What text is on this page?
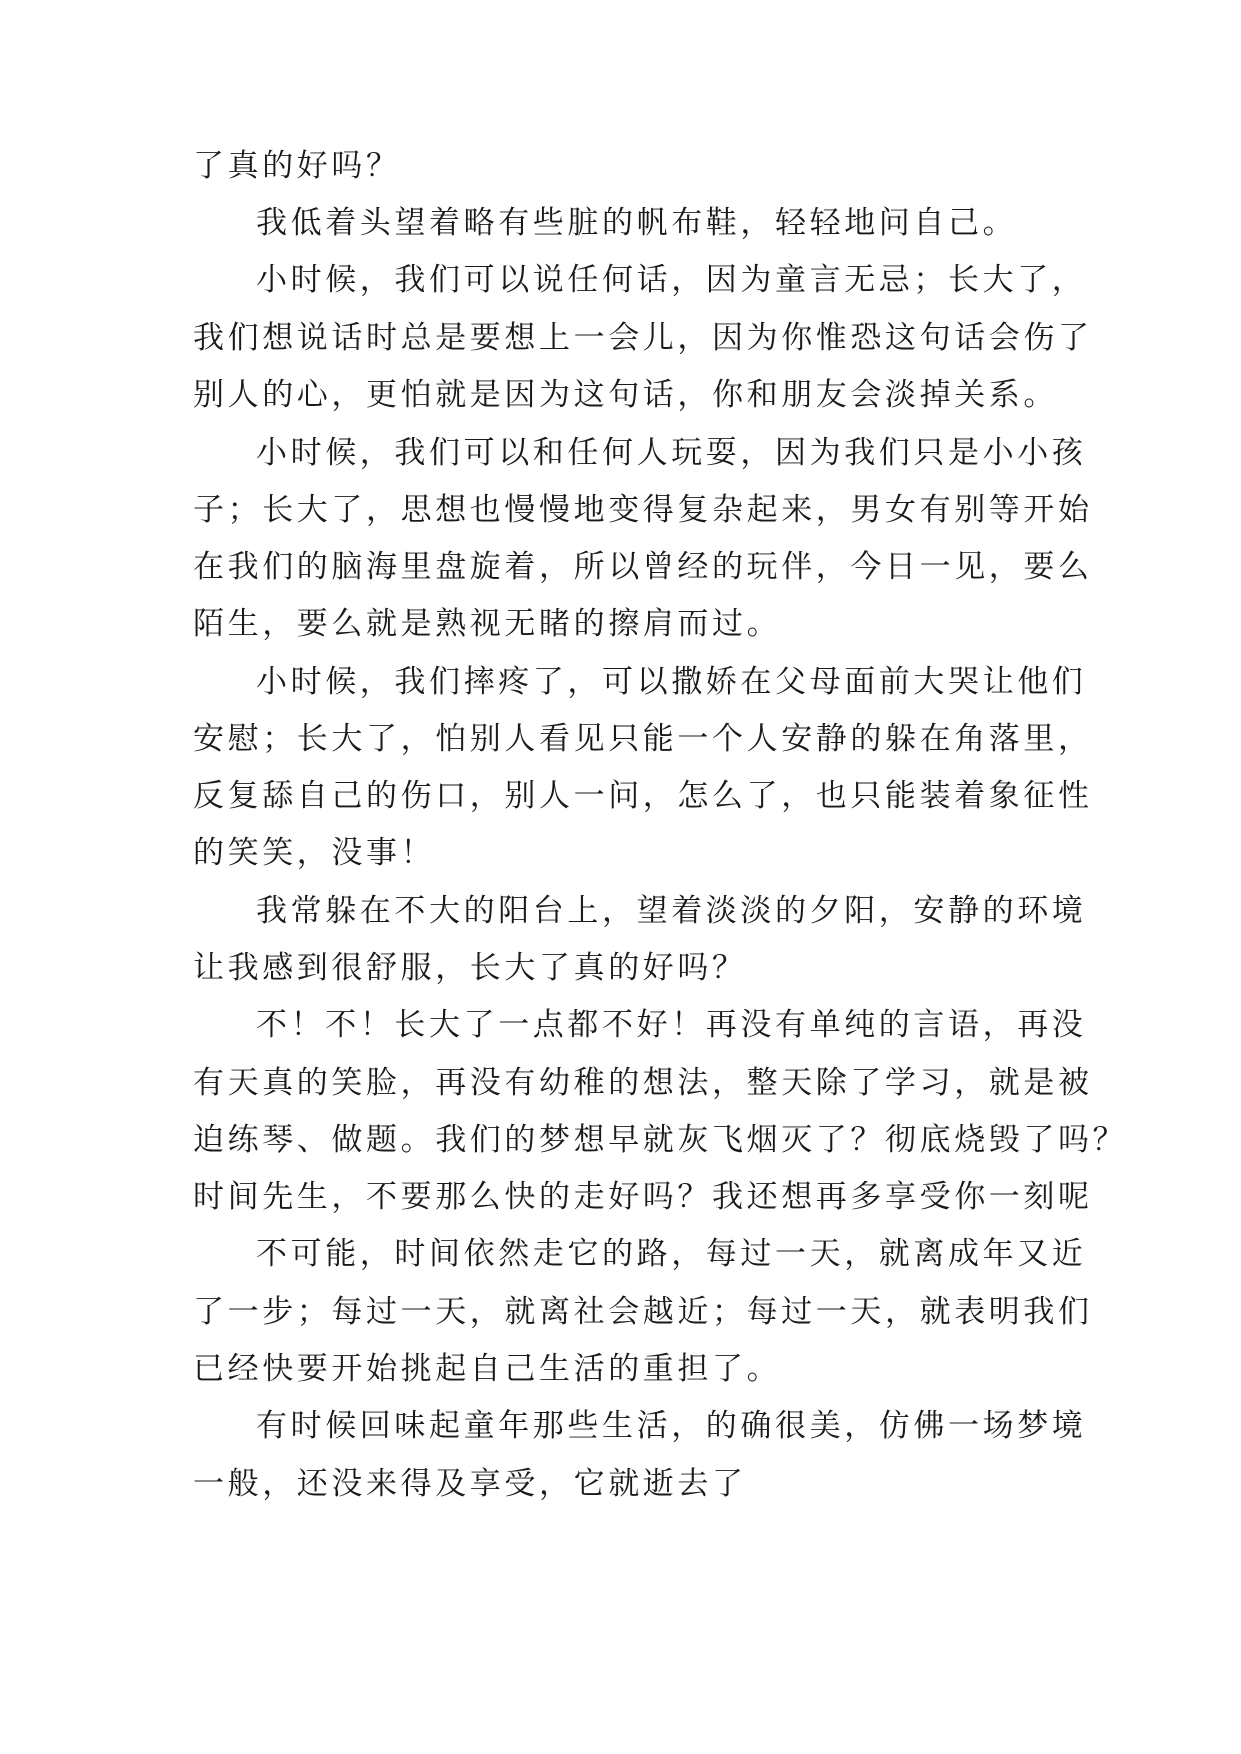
了真的好吗？
我低着头望着略有些脏的帆布鞋，轻轻地问自己。
小时候，我们可以说任何话，因为童言无忌；长大了，
我们想说话时总是要想上一会儿，因为你惟恐这句话会伤了
别人的心，更怕就是因为这句话，你和朋友会淡掉关系。
小时候，我们可以和任何人玩耍，因为我们只是小小孩
子；长大了，思想也慢慢地变得复杂起来，男女有别等开始
在我们的脑海里盘旋着，所以曾经的玩伴，今日一见，要么
陌生，要么就是熟视无睹的擦肩而过。
小时候，我们摔疼了，可以撒娇在父母面前大哭让他们
安慰；长大了，怕别人看见只能一个人安静的躲在角落里，
反复舔自己的伤口，别人一问，怎么了，也只能装着象征性
的笑笑，没事！
我常躲在不大的阳台上，望着淡淡的夕阳，安静的环境
让我感到很舒服，长大了真的好吗？
不！不！长大了一点都不好！再没有单纯的言语，再没
有天真的笑脸，再没有幼稚的想法，整天除了学习，就是被
迫练琴、做题。我们的梦想早就灰飞烟灭了？彻底烧毁了吗？
时间先生，不要那么快的走好吗？我还想再多享受你一刻呢
不可能，时间依然走它的路，每过一天，就离成年又近
了一步；每过一天，就离社会越近；每过一天，就表明我们
已经快要开始挑起自己生活的重担了。
有时候回味起童年那些生活，的确很美，仿佛一场梦境
一般，还没来得及享受，它就逝去了
